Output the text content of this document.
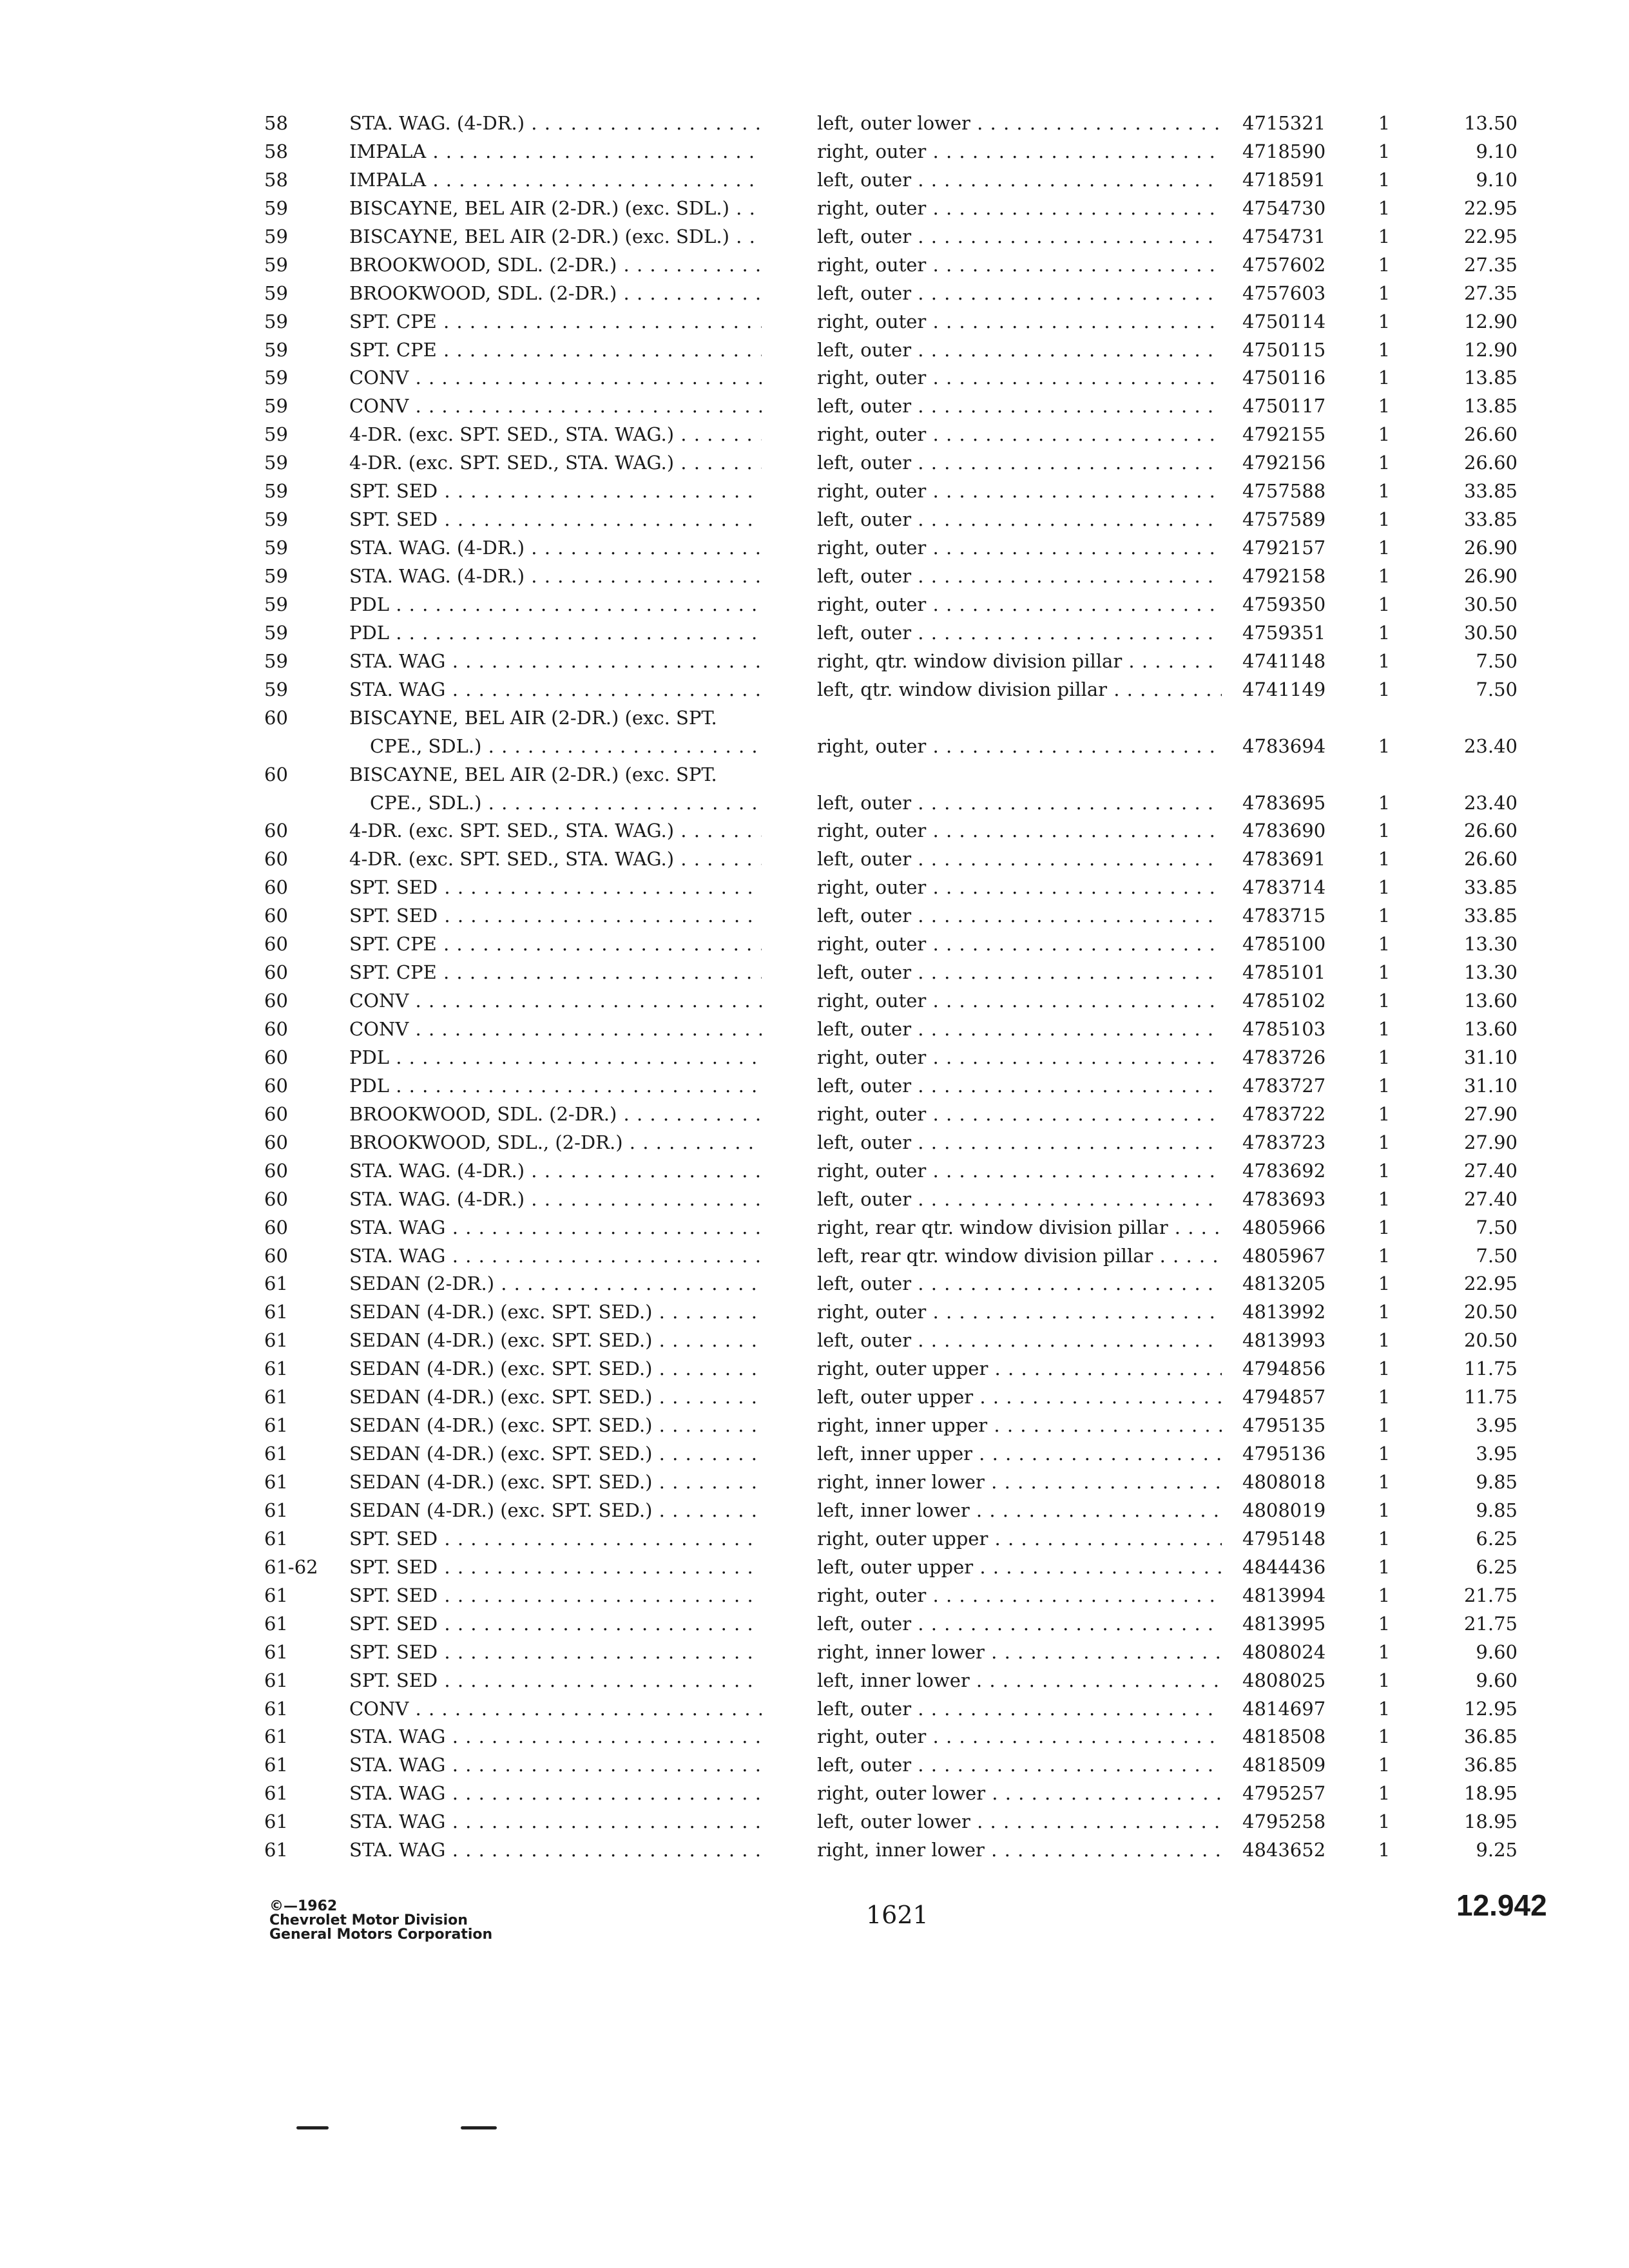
58	STA. WAG. (4-DR.) . . .	left, outer lower . . .	4715321	1	13.50
58	IMPALA . . .	right, outer . . .	4718590	1	9.10
58	IMPALA . . .	left, outer . . .	4718591	1	9.10
59	BISCAYNE, BEL AIR (2-DR.) (exc. SDL.) . . .	right, outer . . .	4754730	1	22.95
59	BISCAYNE, BEL AIR (2-DR.) (exc. SDL.) . . .	left, outer . . .	4754731	1	22.95
59	BROOKWOOD, SDL. (2-DR.) . . .	right, outer . . .	4757602	1	27.35
59	BROOKWOOD, SDL. (2-DR.) . . .	left, outer . . .	4757603	1	27.35
59	SPT. CPE . . .	right, outer . . .	4750114	1	12.90
59	SPT. CPE . . .	left, outer . . .	4750115	1	12.90
59	CONV . . .	right, outer . . .	4750116	1	13.85
59	CONV . . .	left, outer . . .	4750117	1	13.85
59	4-DR. (exc. SPT. SED., STA. WAG.) . . .	right, outer . . .	4792155	1	26.60
59	4-DR. (exc. SPT. SED., STA. WAG.) . . .	left, outer . . .	4792156	1	26.60
59	SPT. SED . . .	right, outer . . .	4757588	1	33.85
59	SPT. SED . . .	left, outer . . .	4757589	1	33.85
59	STA. WAG. (4-DR.) . . .	right, outer . . .	4792157	1	26.90
59	STA. WAG. (4-DR.) . . .	left, outer . . .	4792158	1	26.90
59	PDL . . .	right, outer . . .	4759350	1	30.50
59	PDL . . .	left, outer . . .	4759351	1	30.50
59	STA. WAG . . .	right, qtr. window division pillar . . .	4741148	1	7.50
59	STA. WAG . . .	left, qtr. window division pillar . . .	4741149	1	7.50
60	BISCAYNE, BEL AIR (2-DR.) (exc. SPT.
CPE., SDL.) . . .	right, outer . . .	4783694	1	23.40
60	BISCAYNE, BEL AIR (2-DR.) (exc. SPT.
CPE., SDL.) . . .	left, outer . . .	4783695	1	23.40
60	4-DR. (exc. SPT. SED., STA. WAG.) . . .	right, outer . . .	4783690	1	26.60
60	4-DR. (exc. SPT. SED., STA. WAG.) . . .	left, outer . . .	4783691	1	26.60
60	SPT. SED . . .	right, outer . . .	4783714	1	33.85
60	SPT. SED . . .	left, outer . . .	4783715	1	33.85
60	SPT. CPE . . .	right, outer . . .	4785100	1	13.30
60	SPT. CPE . . .	left, outer . . .	4785101	1	13.30
60	CONV . . .	right, outer . . .	4785102	1	13.60
60	CONV . . .	left, outer . . .	4785103	1	13.60
60	PDL . . .	right, outer . . .	4783726	1	31.10
60	PDL . . .	left, outer . . .	4783727	1	31.10
60	BROOKWOOD, SDL. (2-DR.) . . .	right, outer . . .	4783722	1	27.90
60	BROOKWOOD, SDL., (2-DR.) . . .	left, outer . . .	4783723	1	27.90
60	STA. WAG. (4-DR.) . . .	right, outer . . .	4783692	1	27.40
60	STA. WAG. (4-DR.) . . .	left, outer . . .	4783693	1	27.40
60	STA. WAG . . .	right, rear qtr. window division pillar . . .	4805966	1	7.50
60	STA. WAG . . .	left, rear qtr. window division pillar . . .	4805967	1	7.50
61	SEDAN (2-DR.) . . .	left, outer . . .	4813205	1	22.95
61	SEDAN (4-DR.) (exc. SPT. SED.) . . .	right, outer . . .	4813992	1	20.50
61	SEDAN (4-DR.) (exc. SPT. SED.) . . .	left, outer . . .	4813993	1	20.50
61	SEDAN (4-DR.) (exc. SPT. SED.) . . .	right, outer upper . . .	4794856	1	11.75
61	SEDAN (4-DR.) (exc. SPT. SED.) . . .	left, outer upper . . .	4794857	1	11.75
61	SEDAN (4-DR.) (exc. SPT. SED.) . . .	right, inner upper . . .	4795135	1	3.95
61	SEDAN (4-DR.) (exc. SPT. SED.) . . .	left, inner upper . . .	4795136	1	3.95
61	SEDAN (4-DR.) (exc. SPT. SED.) . . .	right, inner lower . . .	4808018	1	9.85
61	SEDAN (4-DR.) (exc. SPT. SED.) . . .	left, inner lower . . .	4808019	1	9.85
61	SPT. SED . . .	right, outer upper . . .	4795148	1	6.25
61-62	SPT. SED . . .	left, outer upper . . .	4844436	1	6.25
61	SPT. SED . . .	right, outer . . .	4813994	1	21.75
61	SPT. SED . . .	left, outer . . .	4813995	1	21.75
61	SPT. SED . . .	right, inner lower . . .	4808024	1	9.60
61	SPT. SED . . .	left, inner lower . . .	4808025	1	9.60
61	CONV . . .	left, outer . . .	4814697	1	12.95
61	STA. WAG . . .	right, outer . . .	4818508	1	36.85
61	STA. WAG . . .	left, outer . . .	4818509	1	36.85
61	STA. WAG . . .	right, outer lower . . .	4795257	1	18.95
61	STA. WAG . . .	left, outer lower . . .	4795258	1	18.95
61	STA. WAG . . .	right, inner lower . . .	4843652	1	9.25
©—1962
Chevrolet Motor Division
General Motors Corporation
1621	12.942
